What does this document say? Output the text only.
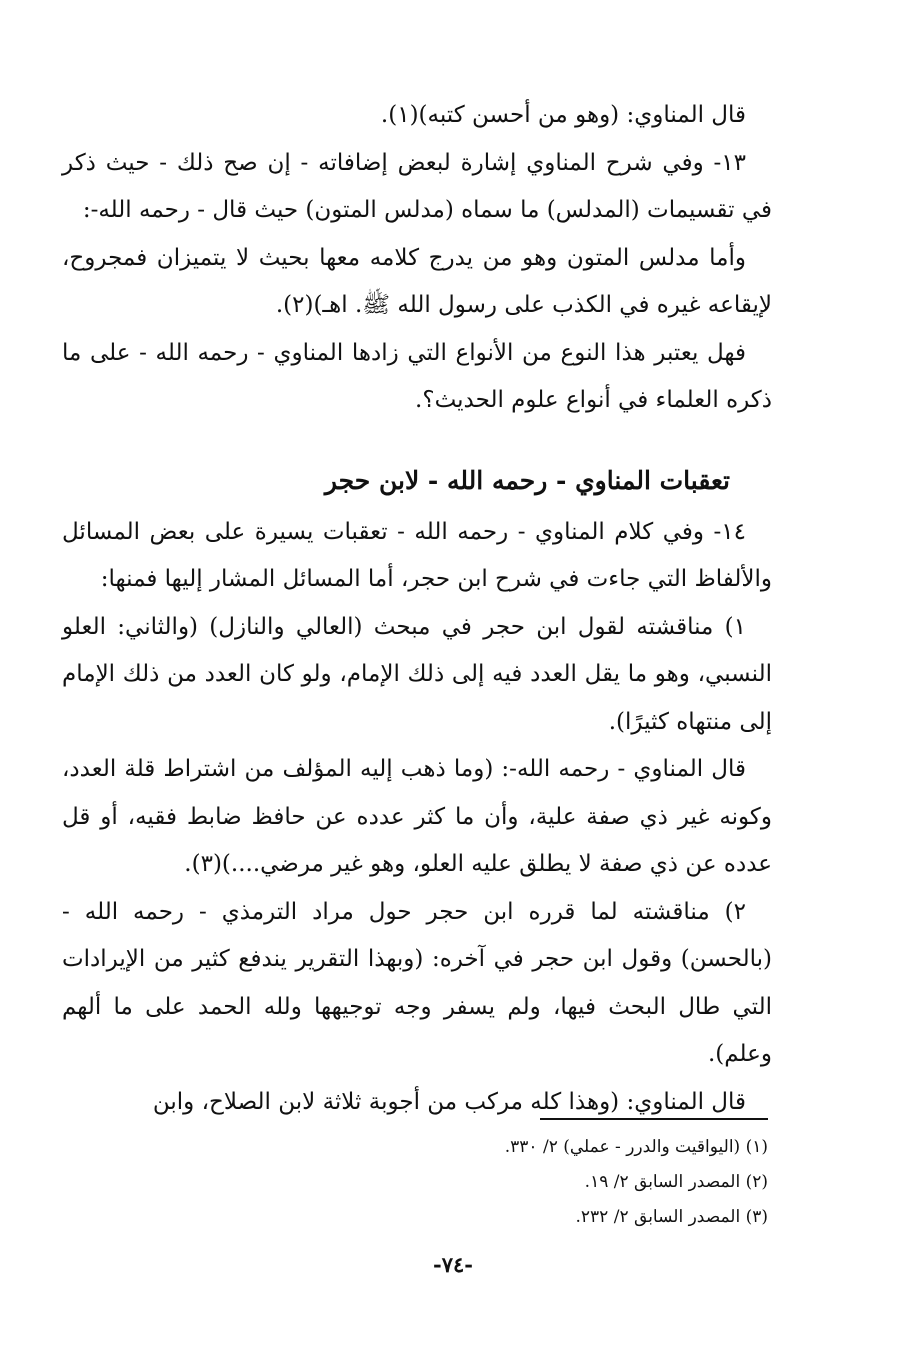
قال المناوي: (وهو من أحسن كتبه)(١).

١٣- وفي شرح المناوي إشارة لبعض إضافاته - إن صح ذلك - حيث ذكر في تقسيمات (المدلس) ما سماه (مدلس المتون) حيث قال - رحمه الله-:

وأما مدلس المتون وهو من يدرج كلامه معها بحيث لا يتميزان فمجروح، لإيقاعه غيره في الكذب على رسول الله ﷺ. اهـ)(٢).

فهل يعتبر هذا النوع من الأنواع التي زادها المناوي - رحمه الله - على ما ذكره العلماء في أنواع علوم الحديث؟.

تعقبات المناوي - رحمه الله - لابن حجر

١٤- وفي كلام المناوي - رحمه الله - تعقبات يسيرة على بعض المسائل والألفاظ التي جاءت في شرح ابن حجر، أما المسائل المشار إليها فمنها:

١) مناقشته لقول ابن حجر في مبحث (العالي والنازل) (والثاني: العلو النسبي، وهو ما يقل العدد فيه إلى ذلك الإمام، ولو كان العدد من ذلك الإمام إلى منتهاه كثيرًا).

قال المناوي - رحمه الله-: (وما ذهب إليه المؤلف من اشتراط قلة العدد، وكونه غير ذي صفة علية، وأن ما كثر عدده عن حافظ ضابط فقيه، أو قل عدده عن ذي صفة لا يطلق عليه العلو، وهو غير مرضي....)(٣).

٢) مناقشته لما قرره ابن حجر حول مراد الترمذي - رحمه الله - (بالحسن) وقول ابن حجر في آخره: (وبهذا التقرير يندفع كثير من الإيرادات التي طال البحث فيها، ولم يسفر وجه توجيهها ولله الحمد على ما ألهم وعلم).

قال المناوي: (وهذا كله مركب من أجوبة ثلاثة لابن الصلاح، وابن

(١) (اليواقيت والدرر - عملي) ٢/ ٣٣٠.

(٢) المصدر السابق ٢/ ١٩.

(٣) المصدر السابق ٢/ ٢٣٢.

-٧٤-
